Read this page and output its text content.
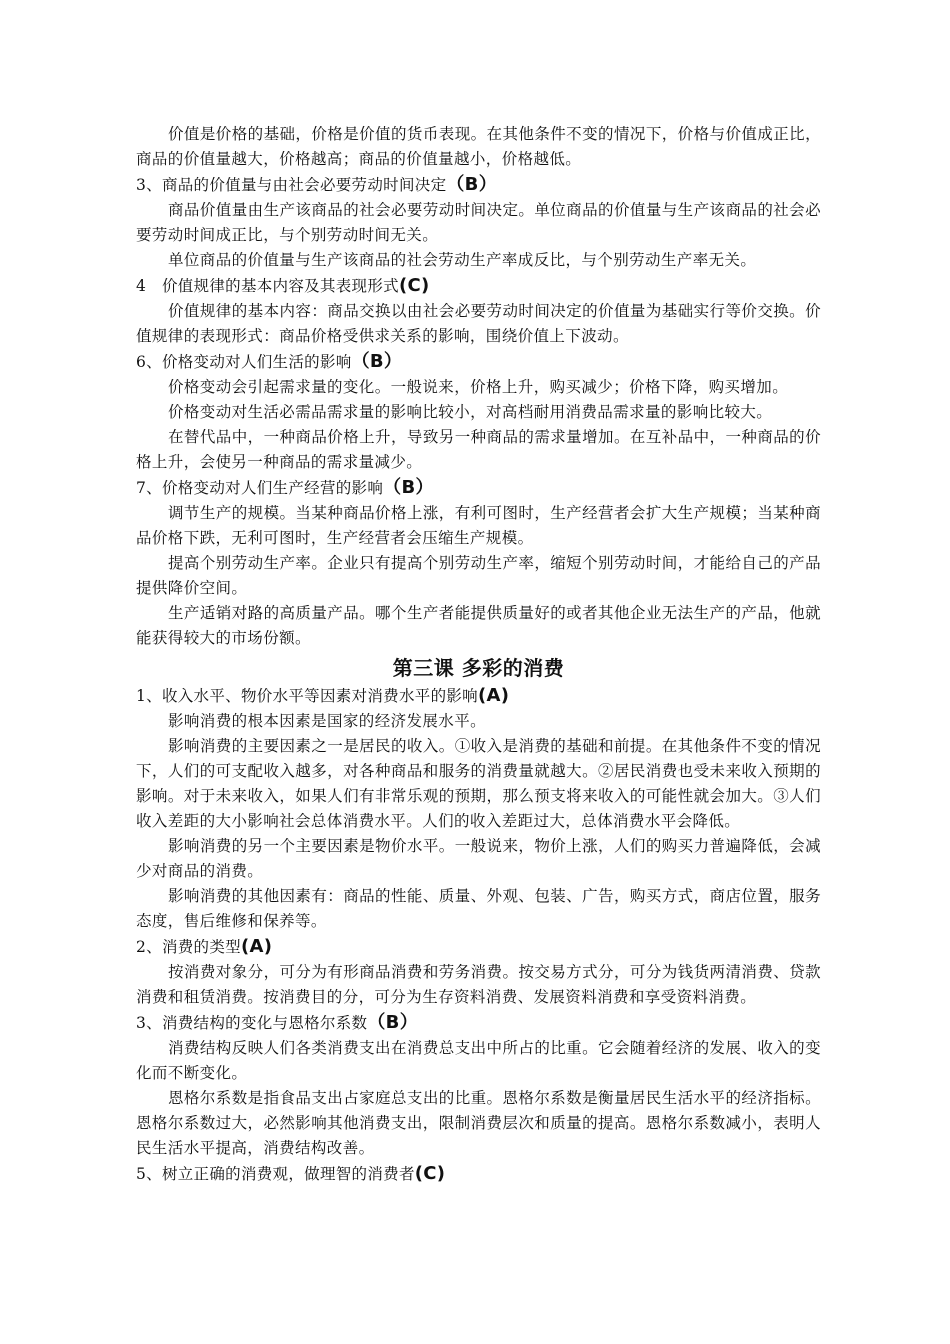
价值是价格的基础，价格是价值的货币表现。在其他条件不变的情况下，价格与价值成正比，商品的价值量越大，价格越高；商品的价值量越小，价格越低。

3、商品的价值量与由社会必要劳动时间决定（B）

商品价值量由生产该商品的社会必要劳动时间决定。单位商品的价值量与生产该商品的社会必要劳动时间成正比，与个别劳动时间无关。

单位商品的价值量与生产该商品的社会劳动生产率成反比，与个别劳动生产率无关。

4　价值规律的基本内容及其表现形式(C)

价值规律的基本内容：商品交换以由社会必要劳动时间决定的价值量为基础实行等价交换。价值规律的表现形式：商品价格受供求关系的影响，围绕价值上下波动。

6、价格变动对人们生活的影响（B）

价格变动会引起需求量的变化。一般说来，价格上升，购买减少；价格下降，购买增加。

价格变动对生活必需品需求量的影响比较小，对高档耐用消费品需求量的影响比较大。

在替代品中，一种商品价格上升，导致另一种商品的需求量增加。在互补品中，一种商品的价格上升，会使另一种商品的需求量减少。

7、价格变动对人们生产经营的影响（B）

调节生产的规模。当某种商品价格上涨，有利可图时，生产经营者会扩大生产规模；当某种商品价格下跌，无利可图时，生产经营者会压缩生产规模。

提高个别劳动生产率。企业只有提高个别劳动生产率，缩短个别劳动时间，才能给自己的产品提供降价空间。

生产适销对路的高质量产品。哪个生产者能提供质量好的或者其他企业无法生产的产品，他就能获得较大的市场份额。

第三课 多彩的消费

1、收入水平、物价水平等因素对消费水平的影响(A)

影响消费的根本因素是国家的经济发展水平。

影响消费的主要因素之一是居民的收入。①收入是消费的基础和前提。在其他条件不变的情况下，人们的可支配收入越多，对各种商品和服务的消费量就越大。②居民消费也受未来收入预期的影响。对于未来收入，如果人们有非常乐观的预期，那么预支将来收入的可能性就会加大。③人们收入差距的大小影响社会总体消费水平。人们的收入差距过大，总体消费水平会降低。

影响消费的另一个主要因素是物价水平。一般说来，物价上涨，人们的购买力普遍降低，会减少对商品的消费。

影响消费的其他因素有：商品的性能、质量、外观、包装、广告，购买方式，商店位置，服务态度，售后维修和保养等。

2、消费的类型(A)

按消费对象分，可分为有形商品消费和劳务消费。按交易方式分，可分为钱货两清消费、贷款消费和租赁消费。按消费目的分，可分为生存资料消费、发展资料消费和享受资料消费。

3、消费结构的变化与恩格尔系数（B）

消费结构反映人们各类消费支出在消费总支出中所占的比重。它会随着经济的发展、收入的变化而不断变化。

恩格尔系数是指食品支出占家庭总支出的比重。恩格尔系数是衡量居民生活水平的经济指标。恩格尔系数过大，必然影响其他消费支出，限制消费层次和质量的提高。恩格尔系数减小，表明人民生活水平提高，消费结构改善。

5、树立正确的消费观，做理智的消费者(C)
